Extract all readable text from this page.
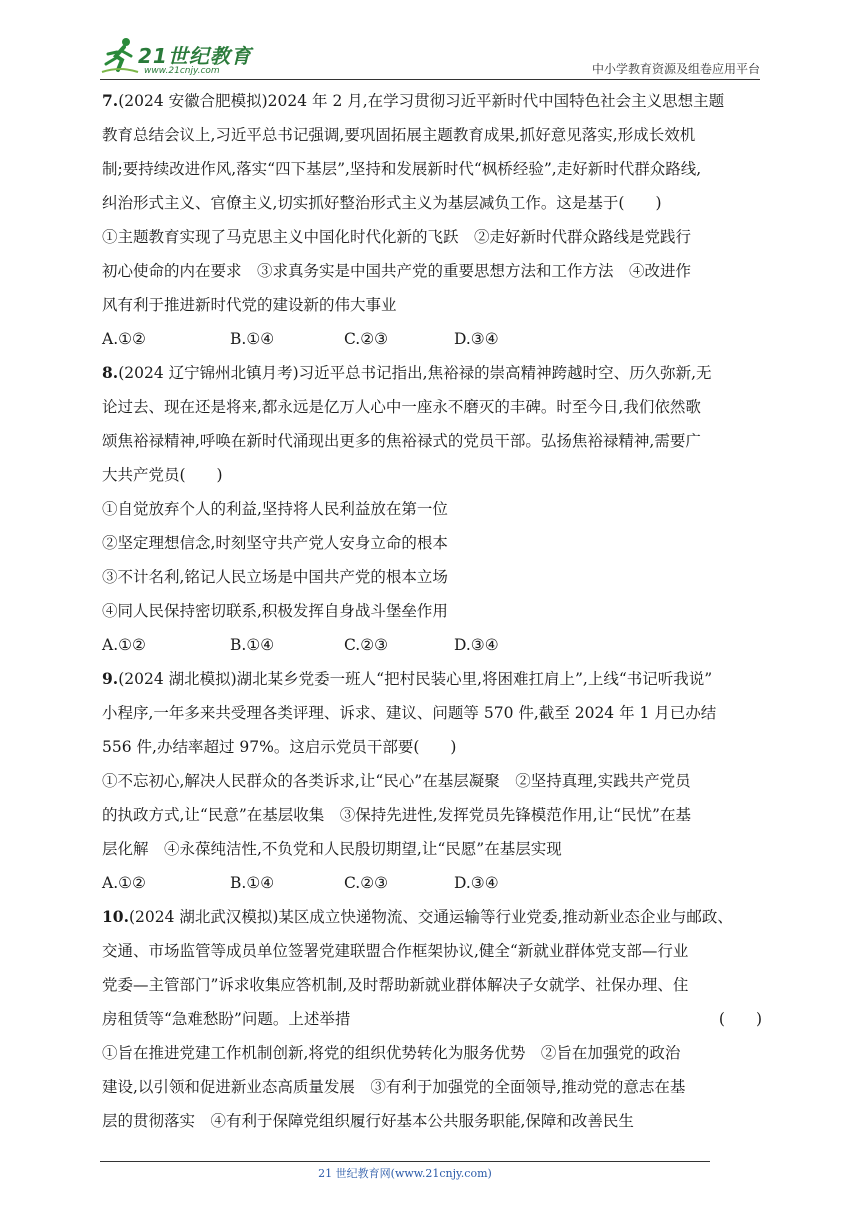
21世纪教育
www.21cnjy.com	中小学教育资源及组卷应用平台
7.(2024 安徽合肥模拟)2024 年 2 月,在学习贯彻习近平新时代中国特色社会主义思想主题
教育总结会议上,习近平总书记强调,要巩固拓展主题教育成果,抓好意见落实,形成长效机
制;要持续改进作风,落实“四下基层”,坚持和发展新时代“枫桥经验”,走好新时代群众路线,
纠治形式主义、官僚主义,切实抓好整治形式主义为基层减负工作。这是基于(　　)
①主题教育实现了马克思主义中国化时代化新的飞跃　②走好新时代群众路线是党践行
初心使命的内在要求　③求真务实是中国共产党的重要思想方法和工作方法　④改进作
风有利于推进新时代党的建设新的伟大事业
A.①②	B.①④	C.②③	D.③④
8.(2024 辽宁锦州北镇月考)习近平总书记指出,焦裕禄的崇高精神跨越时空、历久弥新,无
论过去、现在还是将来,都永远是亿万人心中一座永不磨灭的丰碑。时至今日,我们依然歌
颂焦裕禄精神,呼唤在新时代涌现出更多的焦裕禄式的党员干部。弘扬焦裕禄精神,需要广
大共产党员(　　)
①自觉放弃个人的利益,坚持将人民利益放在第一位
②坚定理想信念,时刻坚守共产党人安身立命的根本
③不计名利,铭记人民立场是中国共产党的根本立场
④同人民保持密切联系,积极发挥自身战斗堡垒作用
A.①②	B.①④	C.②③	D.③④
9.(2024 湖北模拟)湖北某乡党委一班人“把村民装心里,将困难扛肩上”,上线“书记听我说”
小程序,一年多来共受理各类评理、诉求、建议、问题等 570 件,截至 2024 年 1 月已办结
556 件,办结率超过 97%。这启示党员干部要(　　)
①不忘初心,解决人民群众的各类诉求,让“民心”在基层凝聚　②坚持真理,实践共产党员
的执政方式,让“民意”在基层收集　③保持先进性,发挥党员先锋模范作用,让“民忧”在基
层化解　④永葆纯洁性,不负党和人民殷切期望,让“民愿”在基层实现
A.①②	B.①④	C.②③	D.③④
10.(2024 湖北武汉模拟)某区成立快递物流、交通运输等行业党委,推动新业态企业与邮政、
交通、市场监管等成员单位签署党建联盟合作框架协议,健全“新就业群体党支部—行业
党委—主管部门”诉求收集应答机制,及时帮助新就业群体解决子女就学、社保办理、住
房租赁等“急难愁盼”问题。上述举措	(　　)
①旨在推进党建工作机制创新,将党的组织优势转化为服务优势　②旨在加强党的政治
建设,以引领和促进新业态高质量发展　③有利于加强党的全面领导,推动党的意志在基
层的贯彻落实　④有利于保障党组织履行好基本公共服务职能,保障和改善民生
21 世纪教育网(www.21cnjy.com)
